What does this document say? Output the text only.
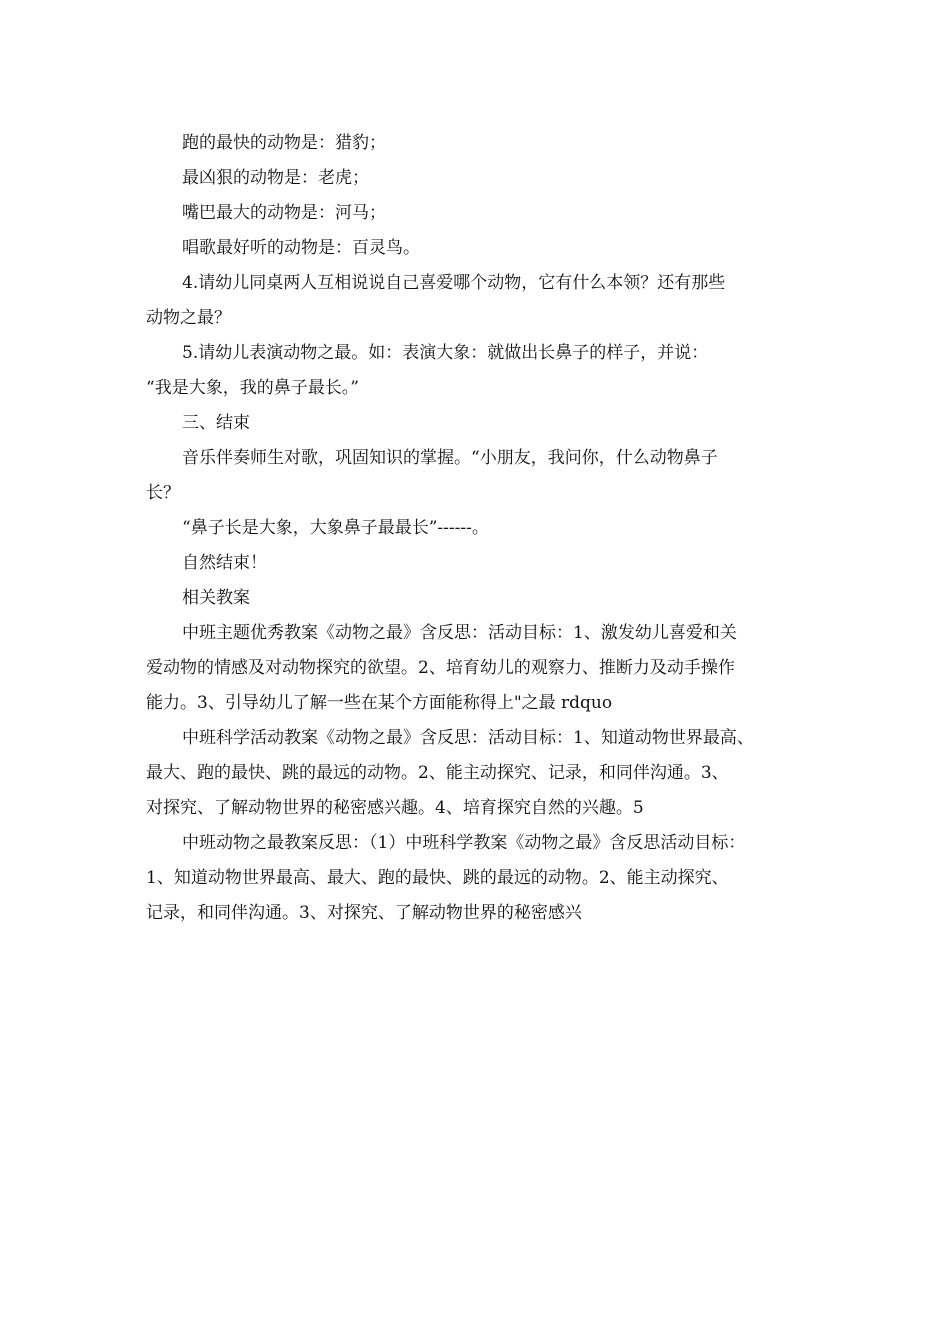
跑的最快的动物是：猎豹；

最凶狠的动物是：老虎；

嘴巴最大的动物是：河马；

唱歌最好听的动物是：百灵鸟。

4.请幼儿同桌两人互相说说自己喜爱哪个动物，它有什么本领？还有那些

动物之最？

5.请幼儿表演动物之最。如：表演大象：就做出长鼻子的样子，并说：

“我是大象，我的鼻子最长。”

三、结束

音乐伴奏师生对歌，巩固知识的掌握。“小朋友，我问你，什么动物鼻子

长？

“鼻子长是大象，大象鼻子最最长”------。

自然结束！

相关教案

中班主题优秀教案《动物之最》含反思：活动目标：1、激发幼儿喜爱和关

爱动物的情感及对动物探究的欲望。2、培育幼儿的观察力、推断力及动手操作

能力。3、引导幼儿了解一些在某个方面能称得上"之最 rdquo

中班科学活动教案《动物之最》含反思：活动目标：1、知道动物世界最高、

最大、跑的最快、跳的最远的动物。2、能主动探究、记录，和同伴沟通。3、

对探究、了解动物世界的秘密感兴趣。4、培育探究自然的兴趣。5

中班动物之最教案反思：（1）中班科学教案《动物之最》含反思活动目标：

1、知道动物世界最高、最大、跑的最快、跳的最远的动物。2、能主动探究、

记录，和同伴沟通。3、对探究、了解动物世界的秘密感兴
